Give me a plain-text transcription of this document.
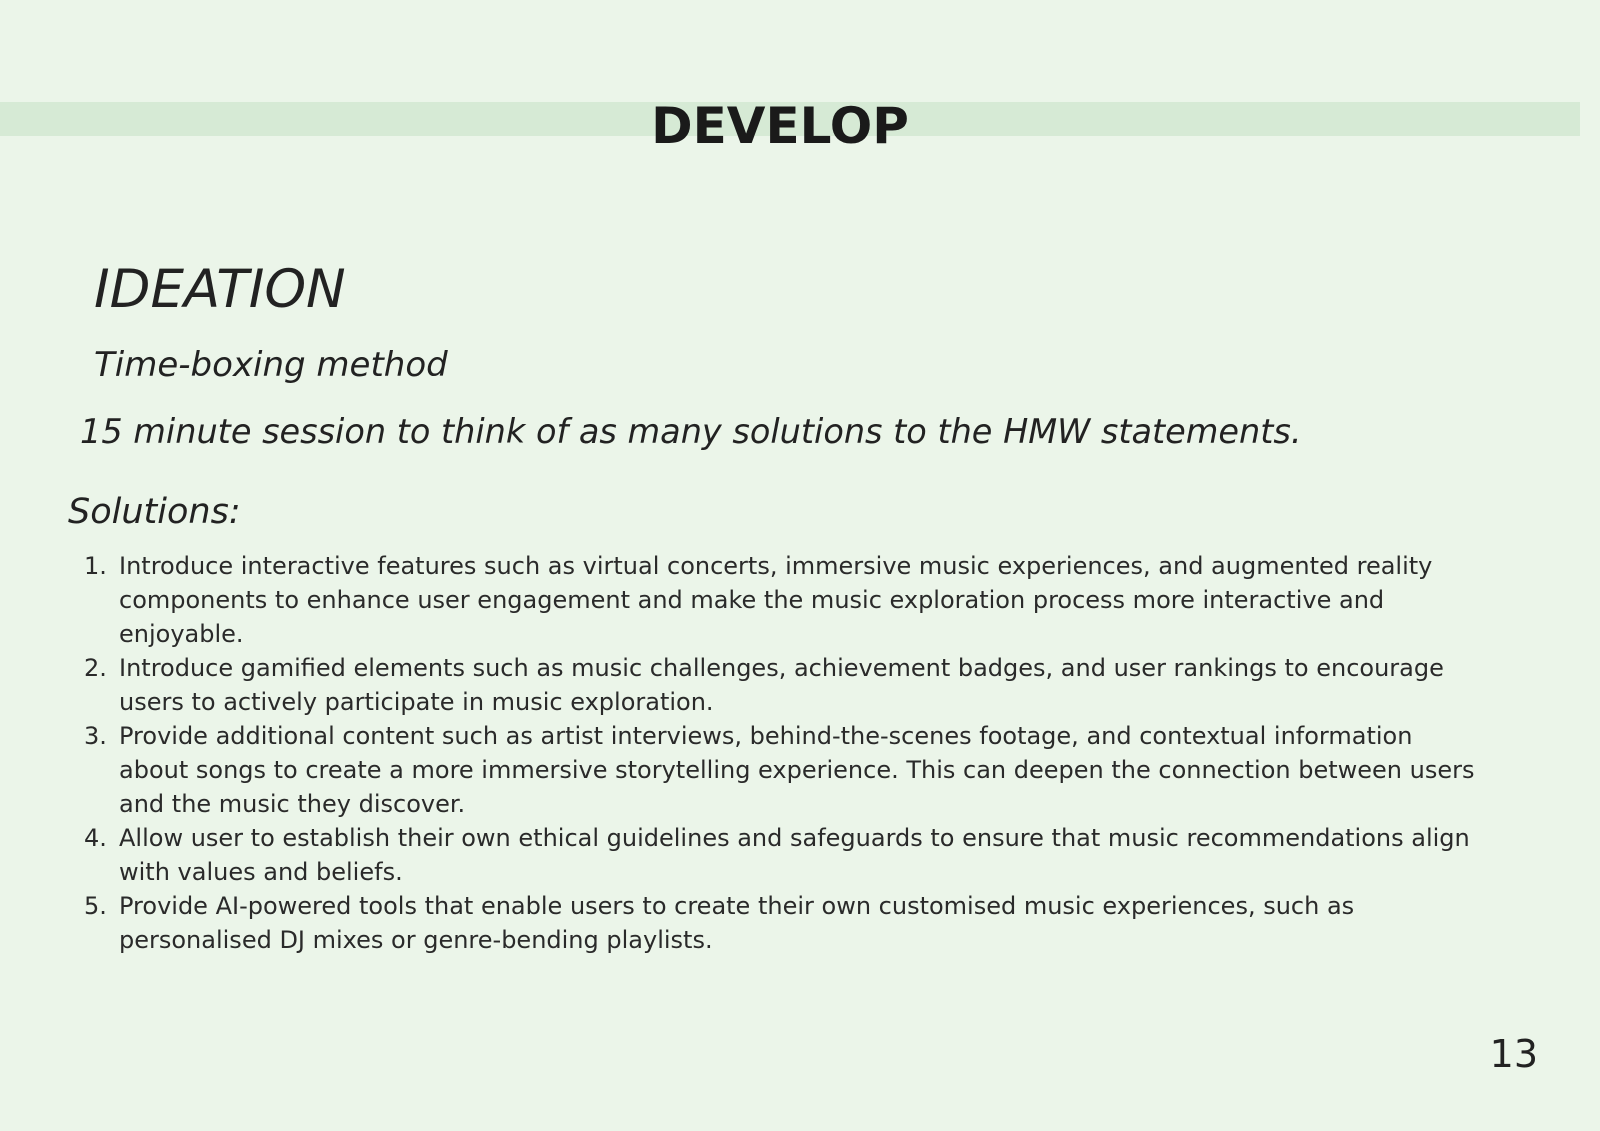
DEVELOP
IDEATION
Time-boxing method
15 minute session to think of as many solutions to the HMW statements.
Solutions:
1. Introduce interactive features such as virtual concerts, immersive music experiences, and augmented reality components to enhance user engagement and make the music exploration process more interactive and enjoyable.
2. Introduce gamified elements such as music challenges, achievement badges, and user rankings to encourage users to actively participate in music exploration.
3. Provide additional content such as artist interviews, behind-the-scenes footage, and contextual information about songs to create a more immersive storytelling experience. This can deepen the connection between users and the music they discover.
4. Allow user to establish their own ethical guidelines and safeguards to ensure that music recommendations align with values and beliefs.
5. Provide AI-powered tools that enable users to create their own customised music experiences, such as personalised DJ mixes or genre-bending playlists.
13
